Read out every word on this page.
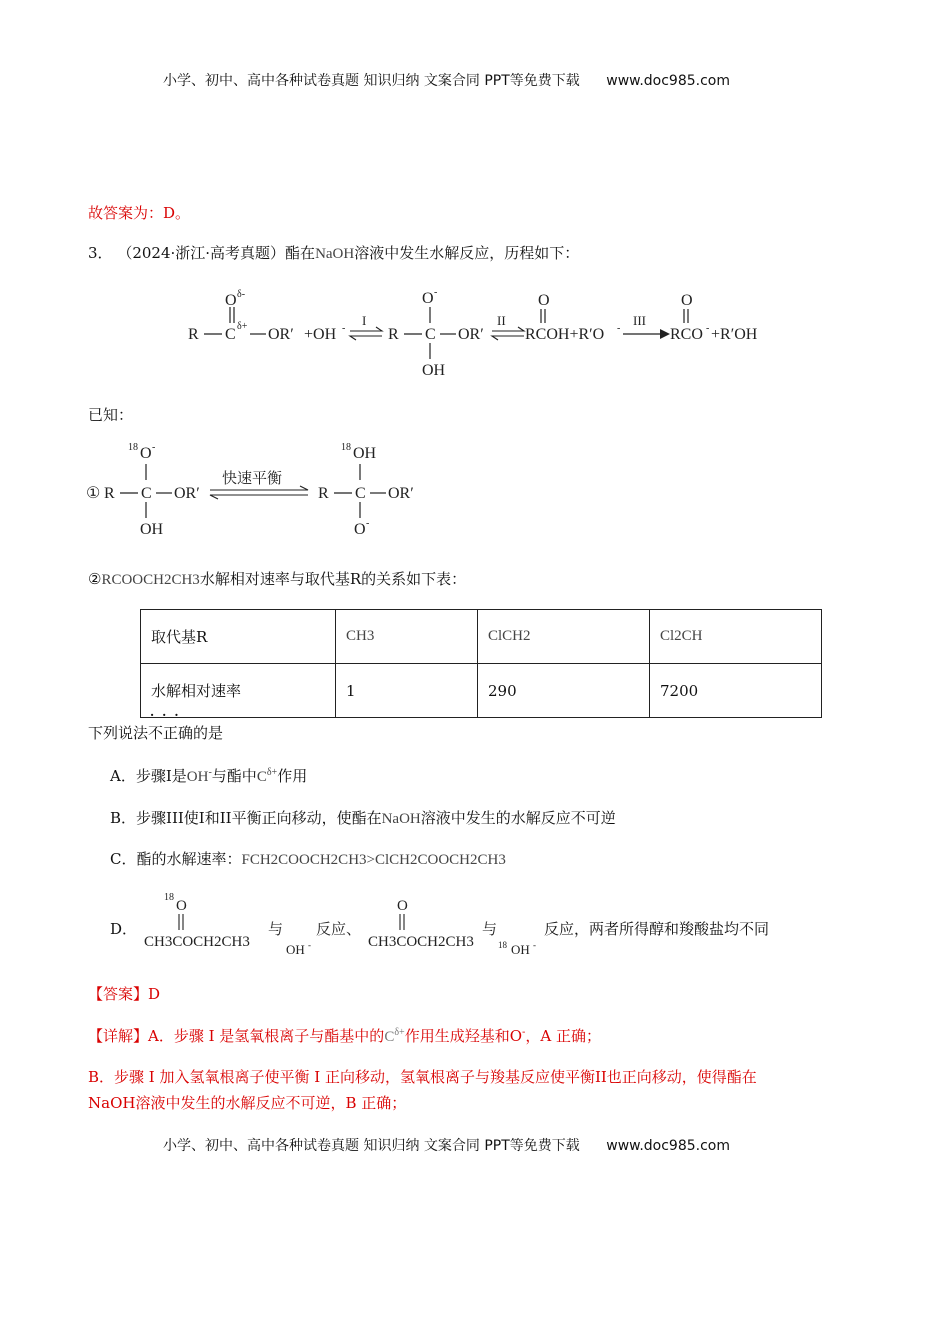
小学、初中、高中各种试卷真题 知识归纳 文案合同 PPT等免费下载 www.doc985.com
故答案为：D。
3． （2024·浙江·高考真题）酯在NaOH溶液中发生水解反应，历程如下：
R C δ+
O δ-
OR′ +OH -
I
R C
O -
OH
OR′
II
O
RCOH+R′O -
III
O
RCO - +R′OH
已知：
① R C
18 O -
OH
OR′
快速平衡
R C
18 OH
O -
OR′
②RCOOCH2CH3水解相对速率与取代基R的关系如下表：
取代基R	CH3	ClCH2	Cl2CH
水解相对速率	1	290	7200
···
下列说法不正确的是
A．步骤I是OH-与酯中$C^{\delta+}$作用
B．步骤III使I和II平衡正向移动，使酯在NaOH溶液中发生的水解反应不可逆
C．酯的水解速率：FCH2COOCH2CH3>ClCH2COOCH2CH3
D．
18
O
CH3COCH2CH3
与
OH -
反应、
O
CH3COCH2CH3
与
18 OH -
反应，两者所得醇和羧酸盐均不同
【答案】D
【详解】A．步骤 I 是氢氧根离子与酯基中的$C^{\delta+}$作用生成羟基和O-，A 正确；
B．步骤 I 加入氢氧根离子使平衡 I 正向移动，氢氧根离子与羧基反应使平衡II也正向移动，使得酯在
NaOH溶液中发生的水解反应不可逆，B 正确；
小学、初中、高中各种试卷真题 知识归纳 文案合同 PPT等免费下载 www.doc985.com
